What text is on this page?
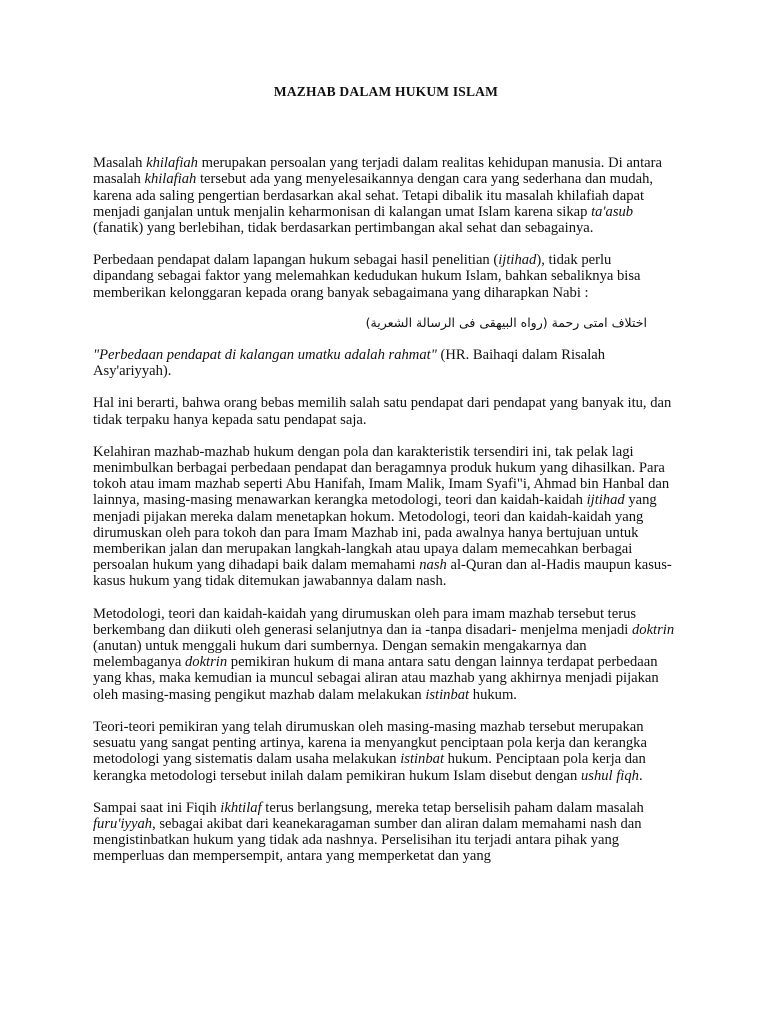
MAZHAB DALAM HUKUM ISLAM

Masalah khilafiah merupakan persoalan yang terjadi dalam realitas kehidupan manusia. Di antara masalah khilafiah tersebut ada yang menyelesaikannya dengan cara yang sederhana dan mudah, karena ada saling pengertian berdasarkan akal sehat. Tetapi dibalik itu masalah khilafiah dapat menjadi ganjalan untuk menjalin keharmonisan di kalangan umat Islam karena sikap ta'asub (fanatik) yang berlebihan, tidak berdasarkan pertimbangan akal sehat dan sebagainya.

Perbedaan pendapat dalam lapangan hukum sebagai hasil penelitian (ijtihad), tidak perlu dipandang sebagai faktor yang melemahkan kedudukan hukum Islam, bahkan sebaliknya bisa memberikan kelonggaran kepada orang banyak sebagaimana yang diharapkan Nabi :

اختلاف امتى رحمة (رواه البيهقى فى الرسالة الشعرية)

"Perbedaan pendapat di kalangan umatku adalah rahmat" (HR. Baihaqi dalam Risalah Asy'ariyyah).

Hal ini berarti, bahwa orang bebas memilih salah satu pendapat dari pendapat yang banyak itu, dan tidak terpaku hanya kepada satu pendapat saja.

Kelahiran mazhab-mazhab hukum dengan pola dan karakteristik tersendiri ini, tak pelak lagi menimbulkan berbagai perbedaan pendapat dan beragamnya produk hukum yang dihasilkan. Para tokoh atau imam mazhab seperti Abu Hanifah, Imam Malik, Imam Syafi"i, Ahmad bin Hanbal dan lainnya, masing-masing menawarkan kerangka metodologi, teori dan kaidah-kaidah ijtihad yang menjadi pijakan mereka dalam menetapkan hokum. Metodologi, teori dan kaidah-kaidah yang dirumuskan oleh para tokoh dan para Imam Mazhab ini, pada awalnya hanya bertujuan untuk memberikan jalan dan merupakan langkah-langkah atau upaya dalam memecahkan berbagai persoalan hukum yang dihadapi baik dalam memahami nash al-Quran dan al-Hadis maupun kasus-kasus hukum yang tidak ditemukan jawabannya dalam nash.

Metodologi, teori dan kaidah-kaidah yang dirumuskan oleh para imam mazhab tersebut terus berkembang dan diikuti oleh generasi selanjutnya dan ia -tanpa disadari- menjelma menjadi doktrin (anutan) untuk menggali hukum dari sumbernya. Dengan semakin mengakarnya dan melembaganya doktrin pemikiran hukum di mana antara satu dengan lainnya terdapat perbedaan yang khas, maka kemudian ia muncul sebagai aliran atau mazhab yang akhirnya menjadi pijakan oleh masing-masing pengikut mazhab dalam melakukan istinbat hukum.

Teori-teori pemikiran yang telah dirumuskan oleh masing-masing mazhab tersebut merupakan sesuatu yang sangat penting artinya, karena ia menyangkut penciptaan pola kerja dan kerangka metodologi yang sistematis dalam usaha melakukan istinbat hukum. Penciptaan pola kerja dan kerangka metodologi tersebut inilah dalam pemikiran hukum Islam disebut dengan ushul fiqh.

Sampai saat ini Fiqih ikhtilaf terus berlangsung, mereka tetap berselisih paham dalam masalah furu'iyyah, sebagai akibat dari keanekaragaman sumber dan aliran dalam memahami nash dan mengistinbatkan hukum yang tidak ada nashnya. Perselisihan itu terjadi antara pihak yang memperluas dan mempersempit, antara yang memperketat dan yang
